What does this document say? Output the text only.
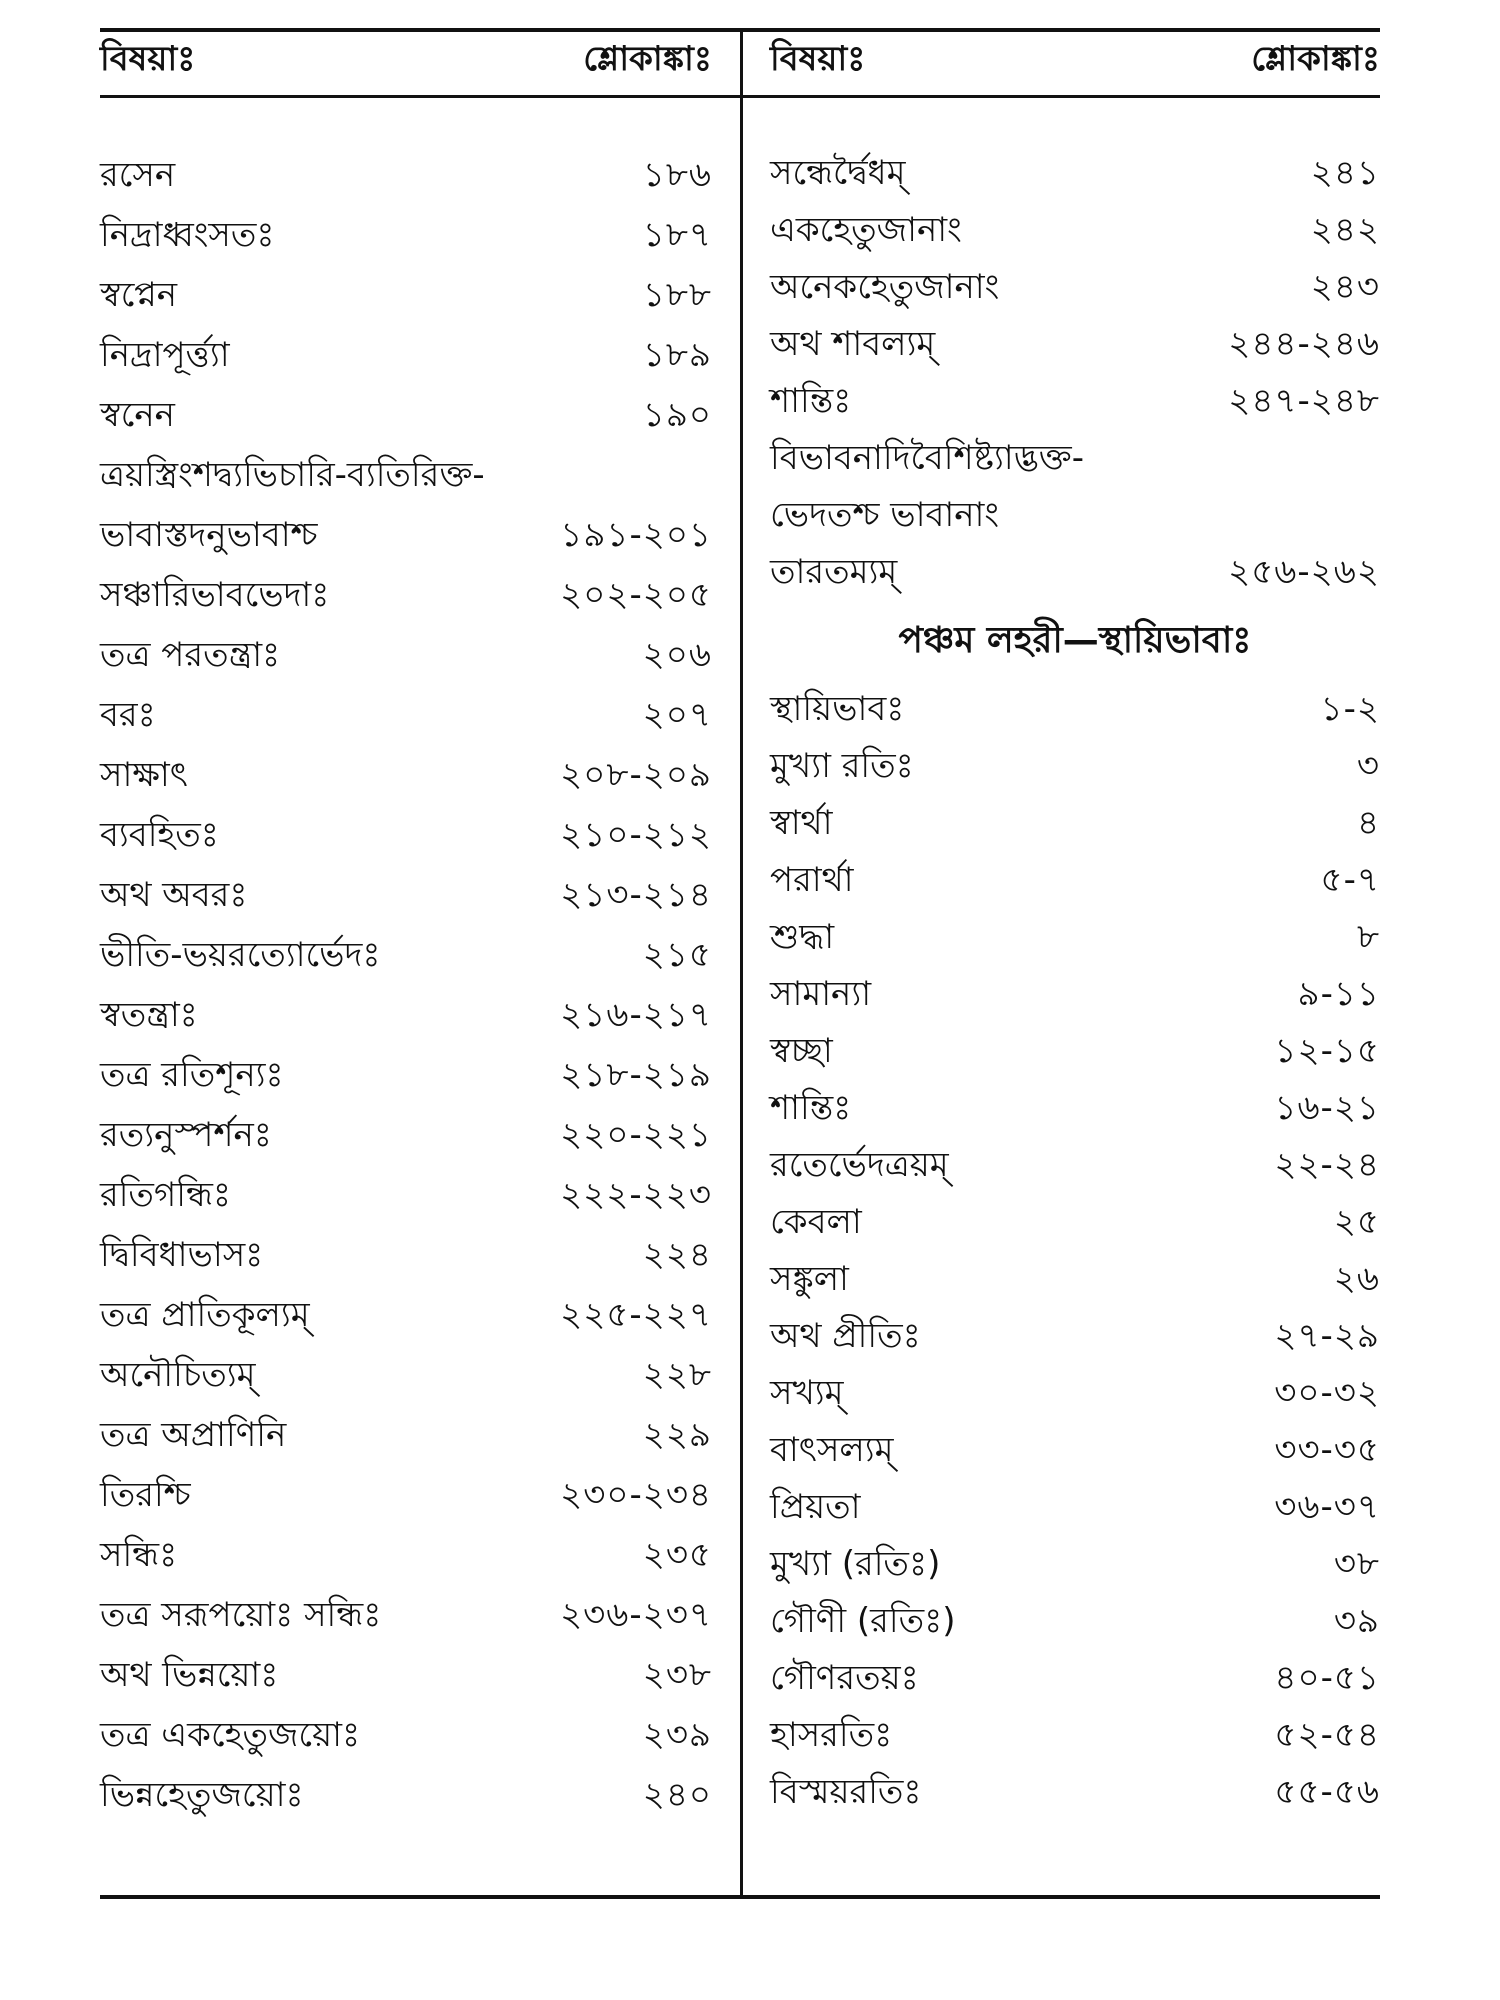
বিষয়াঃ	শ্লোকাঙ্কাঃ
রসেন	১৮৬
নিদ্রাধ্বংসতঃ	১৮৭
স্বপ্নেন	১৮৮
নিদ্রাপূর্ত্ত্যা	১৮৯
স্বনেন	১৯০
ত্রয়স্ত্রিংশদ্ব্যভিচারি-ব্যতিরিক্ত-
ভাবাস্তদনুভাবাশ্চ	১৯১-২০১
সঞ্চারিভাবভেদাঃ	২০২-২০৫
তত্র পরতন্ত্রাঃ	২০৬
বরঃ	২০৭
সাক্ষাৎ	২০৮-২০৯
ব্যবহিতঃ	২১০-২১২
অথ অবরঃ	২১৩-২১৪
ভীতি-ভয়রত্যোর্ভেদঃ	২১৫
স্বতন্ত্রাঃ	২১৬-২১৭
তত্র রতিশূন্যঃ	২১৮-২১৯
রত্যনুস্পর্শনঃ	২২০-২২১
রতিগন্ধিঃ	২২২-২২৩
দ্বিবিধাভাসঃ	২২৪
তত্র প্রাতিকূল্যম্	২২৫-২২৭
অনৌচিত্যম্	২২৮
তত্র অপ্রাণিনি	২২৯
তিরশ্চি	২৩০-২৩৪
সন্ধিঃ	২৩৫
তত্র সরূপয়োঃ সন্ধিঃ	২৩৬-২৩৭
অথ ভিন্নয়োঃ	২৩৮
তত্র একহেতুজয়োঃ	২৩৯
ভিন্নহেতুজয়োঃ	২৪০
বিষয়াঃ	শ্লোকাঙ্কাঃ
সন্ধের্দ্বৈধম্	২৪১
একহেতুজানাং	২৪২
অনেকহেতুজানাং	২৪৩
অথ শাবল্যম্	২৪৪-২৪৬
শান্তিঃ	২৪৭-২৪৮
বিভাবনাদিবৈশিষ্ট্যাদ্ভক্ত-
ভেদতশ্চ ভাবানাং
তারতম্যম্	২৫৬-২৬২
পঞ্চম লহরী—স্থায়িভাবাঃ
স্থায়িভাবঃ	১-২
মুখ্যা রতিঃ	৩
স্বার্থা	৪
পরার্থা	৫-৭
শুদ্ধা	৮
সামান্যা	৯-১১
স্বচ্ছা	১২-১৫
শান্তিঃ	১৬-২১
রতের্ভেদত্রয়ম্	২২-২৪
কেবলা	২৫
সঙ্কুলা	২৬
অথ প্রীতিঃ	২৭-২৯
সখ্যম্	৩০-৩২
বাৎসল্যম্	৩৩-৩৫
প্রিয়তা	৩৬-৩৭
মুখ্যা (রতিঃ)	৩৮
গৌণী (রতিঃ)	৩৯
গৌণরতয়ঃ	৪০-৫১
হাসরতিঃ	৫২-৫৪
বিস্ময়রতিঃ	৫৫-৫৬
